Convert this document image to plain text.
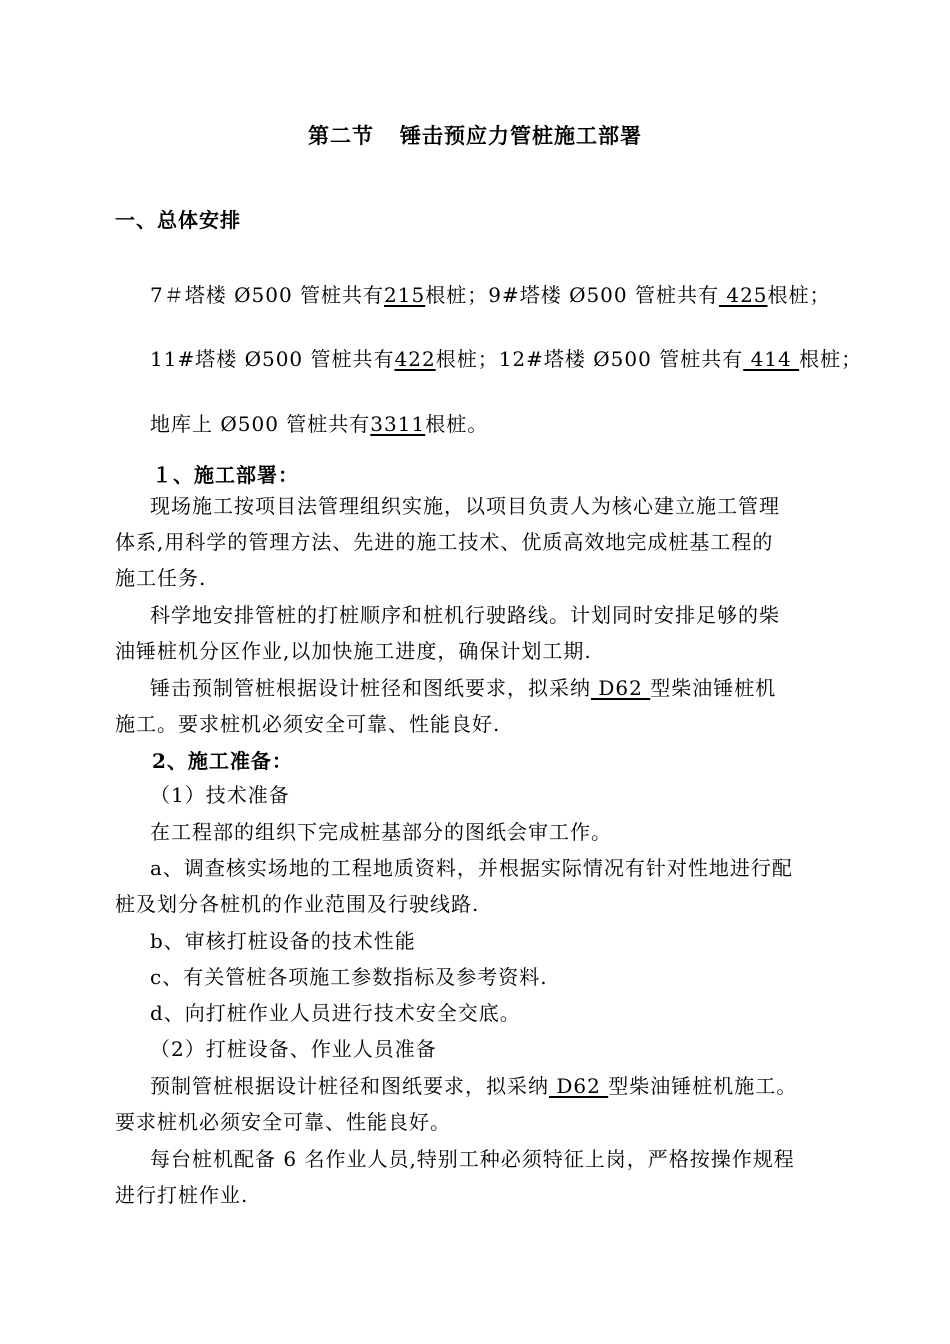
第二节 锤击预应力管桩施工部署
一、总体安排
7＃塔楼 Ø500 管桩共有215根桩；9#塔楼 Ø500 管桩共有 425根桩；
11#塔楼 Ø500 管桩共有422根桩；12#塔楼 Ø500 管桩共有 414 根桩；
地库上 Ø500 管桩共有3311根桩。
１、施工部署：
现场施工按项目法管理组织实施，以项目负责人为核心建立施工管理
体系,用科学的管理方法、先进的施工技术、优质高效地完成桩基工程的
施工任务.
科学地安排管桩的打桩顺序和桩机行驶路线。计划同时安排足够的柴
油锤桩机分区作业,以加快施工进度，确保计划工期.
锤击预制管桩根据设计桩径和图纸要求，拟采纳 D62 型柴油锤桩机
施工。要求桩机必须安全可靠、性能良好.
2、施工准备：
（1）技术准备
在工程部的组织下完成桩基部分的图纸会审工作。
a、调查核实场地的工程地质资料，并根据实际情况有针对性地进行配
桩及划分各桩机的作业范围及行驶线路.
b、审核打桩设备的技术性能
c、有关管桩各项施工参数指标及参考资料.
d、向打桩作业人员进行技术安全交底。
（2）打桩设备、作业人员准备
预制管桩根据设计桩径和图纸要求，拟采纳 D62 型柴油锤桩机施工。
要求桩机必须安全可靠、性能良好。
每台桩机配备 6 名作业人员,特别工种必须特征上岗，严格按操作规程
进行打桩作业.
